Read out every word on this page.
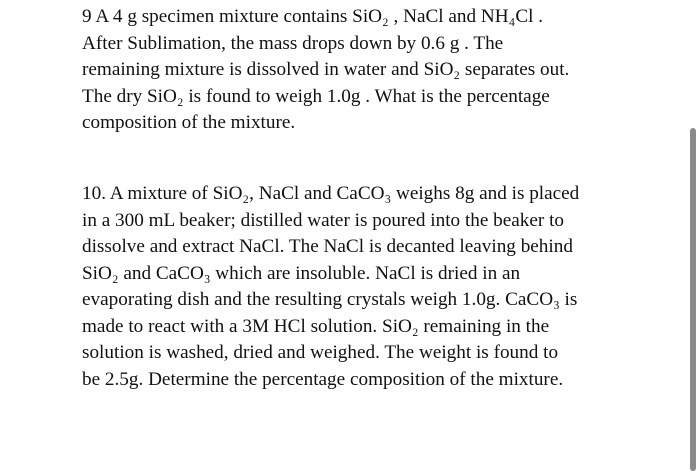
9 A 4 g specimen mixture contains SiO₂ , NaCl and NH₄Cl .
After Sublimation, the mass drops down by 0.6 g . The
remaining mixture is dissolved in water and SiO₂ separates out.
The dry SiO₂ is found to weigh 1.0g . What is the percentage
composition of the mixture.
10. A mixture of SiO₂, NaCl and CaCO₃ weighs 8g and is placed
in a 300 mL beaker; distilled water is poured into the beaker to
dissolve and extract NaCl. The NaCl is decanted leaving behind
SiO₂ and CaCO₃ which are insoluble. NaCl is dried in an
evaporating dish and the resulting crystals weigh 1.0g. CaCO₃ is
made to react with a 3M HCl solution. SiO₂ remaining in the
solution is washed, dried and weighed. The weight is found to
be 2.5g. Determine the percentage composition of the mixture.
